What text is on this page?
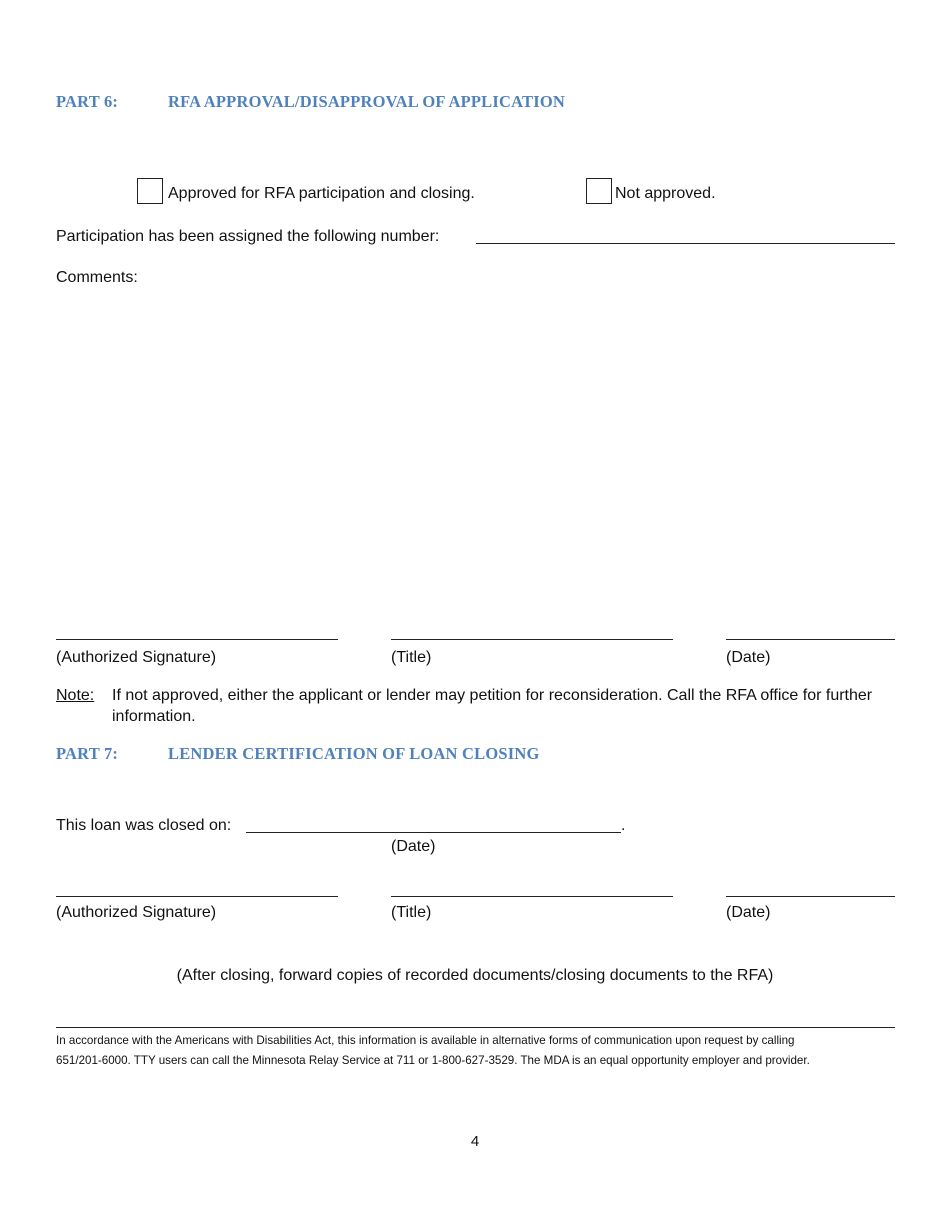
PART 6:	RFA APPROVAL/DISAPPROVAL OF APPLICATION
Approved for RFA participation and closing.	Not approved.
Participation has been assigned the following number:
Comments:
(Authorized Signature)	(Title)	(Date)
Note: If not approved, either the applicant or lender may petition for reconsideration. Call the RFA office for further
information.
PART 7:	LENDER CERTIFICATION OF LOAN CLOSING
This loan was closed on:	.
(Date)
(Authorized Signature)	(Title)	(Date)
(After closing, forward copies of recorded documents/closing documents to the RFA)
In accordance with the Americans with Disabilities Act, this information is available in alternative forms of communication upon request by calling
651/201-6000. TTY users can call the Minnesota Relay Service at 711 or 1-800-627-3529. The MDA is an equal opportunity employer and provider.
4
